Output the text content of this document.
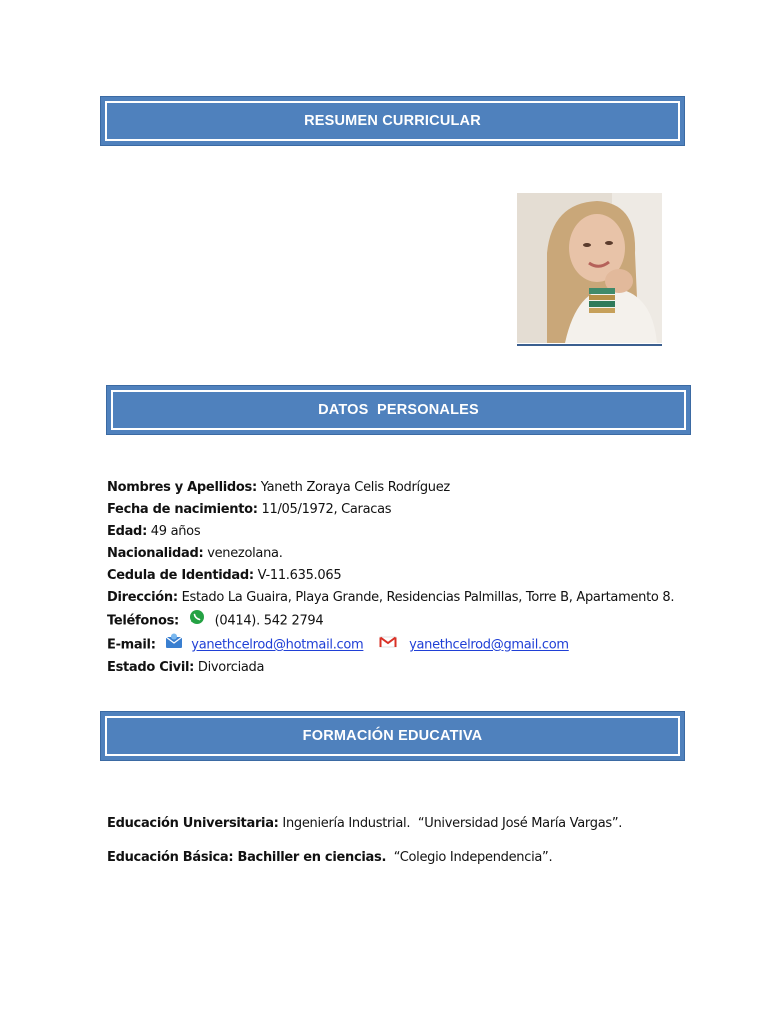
RESUMEN CURRICULAR
DATOS  PERSONALES
Nombres y Apellidos: Yaneth Zoraya Celis Rodríguez
Fecha de nacimiento: 11/05/1972, Caracas
Edad: 49 años
Nacionalidad: venezolana.
Cedula de Identidad: V-11.635.065
Dirección: Estado La Guaira, Playa Grande, Residencias Palmillas, Torre B, Apartamento 8.
Teléfonos:	(0414). 542 2794
E-mail:	yanethcelrod@hotmail.com	yanethcelrod@gmail.com
Estado Civil: Divorciada
FORMACIÓN EDUCATIVA
Educación Universitaria: Ingeniería Industrial.  “Universidad José María Vargas”.
Educación Básica: Bachiller en ciencias.  “Colegio Independencia”.
